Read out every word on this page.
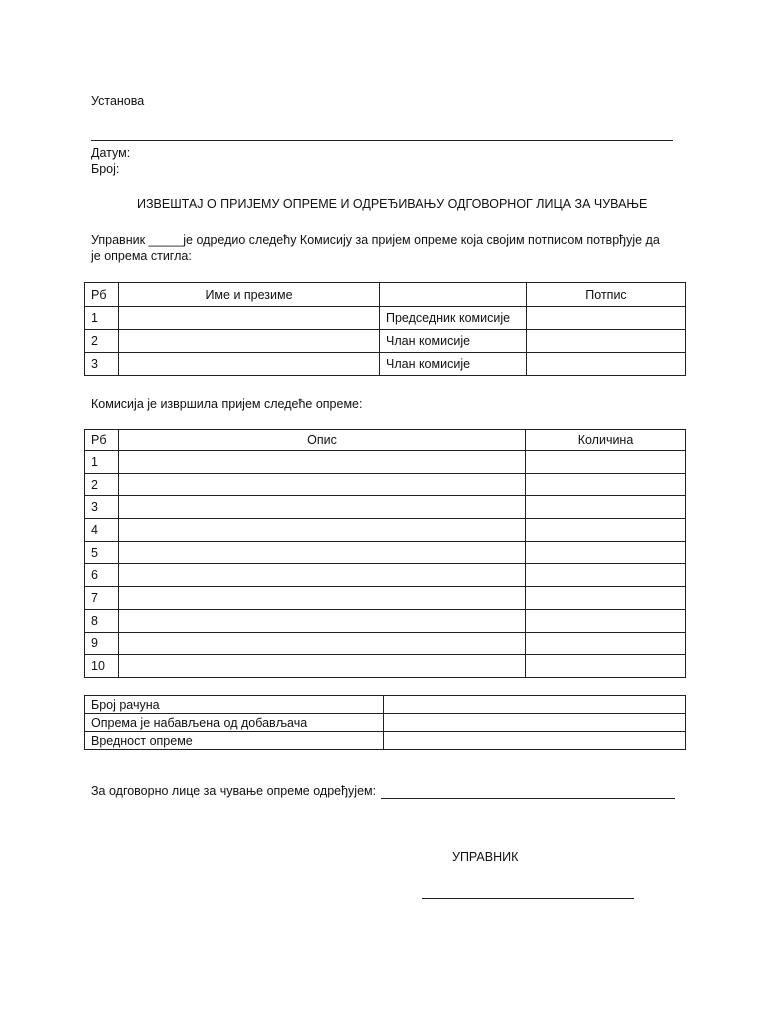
Установа
Датум:
Број:
ИЗВЕШТАЈ О ПРИЈЕМУ ОПРЕМЕ И ОДРЕЂИВАЊУ ОДГОВОРНОГ ЛИЦА ЗА ЧУВАЊЕ
Управник _____је одредио следећу Комисију за пријем опреме која својим потписом потврђује да
је опрема стигла:
Рб	Име и презиме		Потпис
1		Председник комисије	
2		Члан комисије	
3		Члан комисије	
Комисија је извршила пријем следеће опреме:
Рб	Опис	Количина
1		
2		
3		
4		
5		
6		
7		
8		
9		
10		
Број рачуна	
Опрема је набављена од добављача	
Вредност опреме	
За одговорно лице за чување опреме одређујем:
УПРАВНИК
